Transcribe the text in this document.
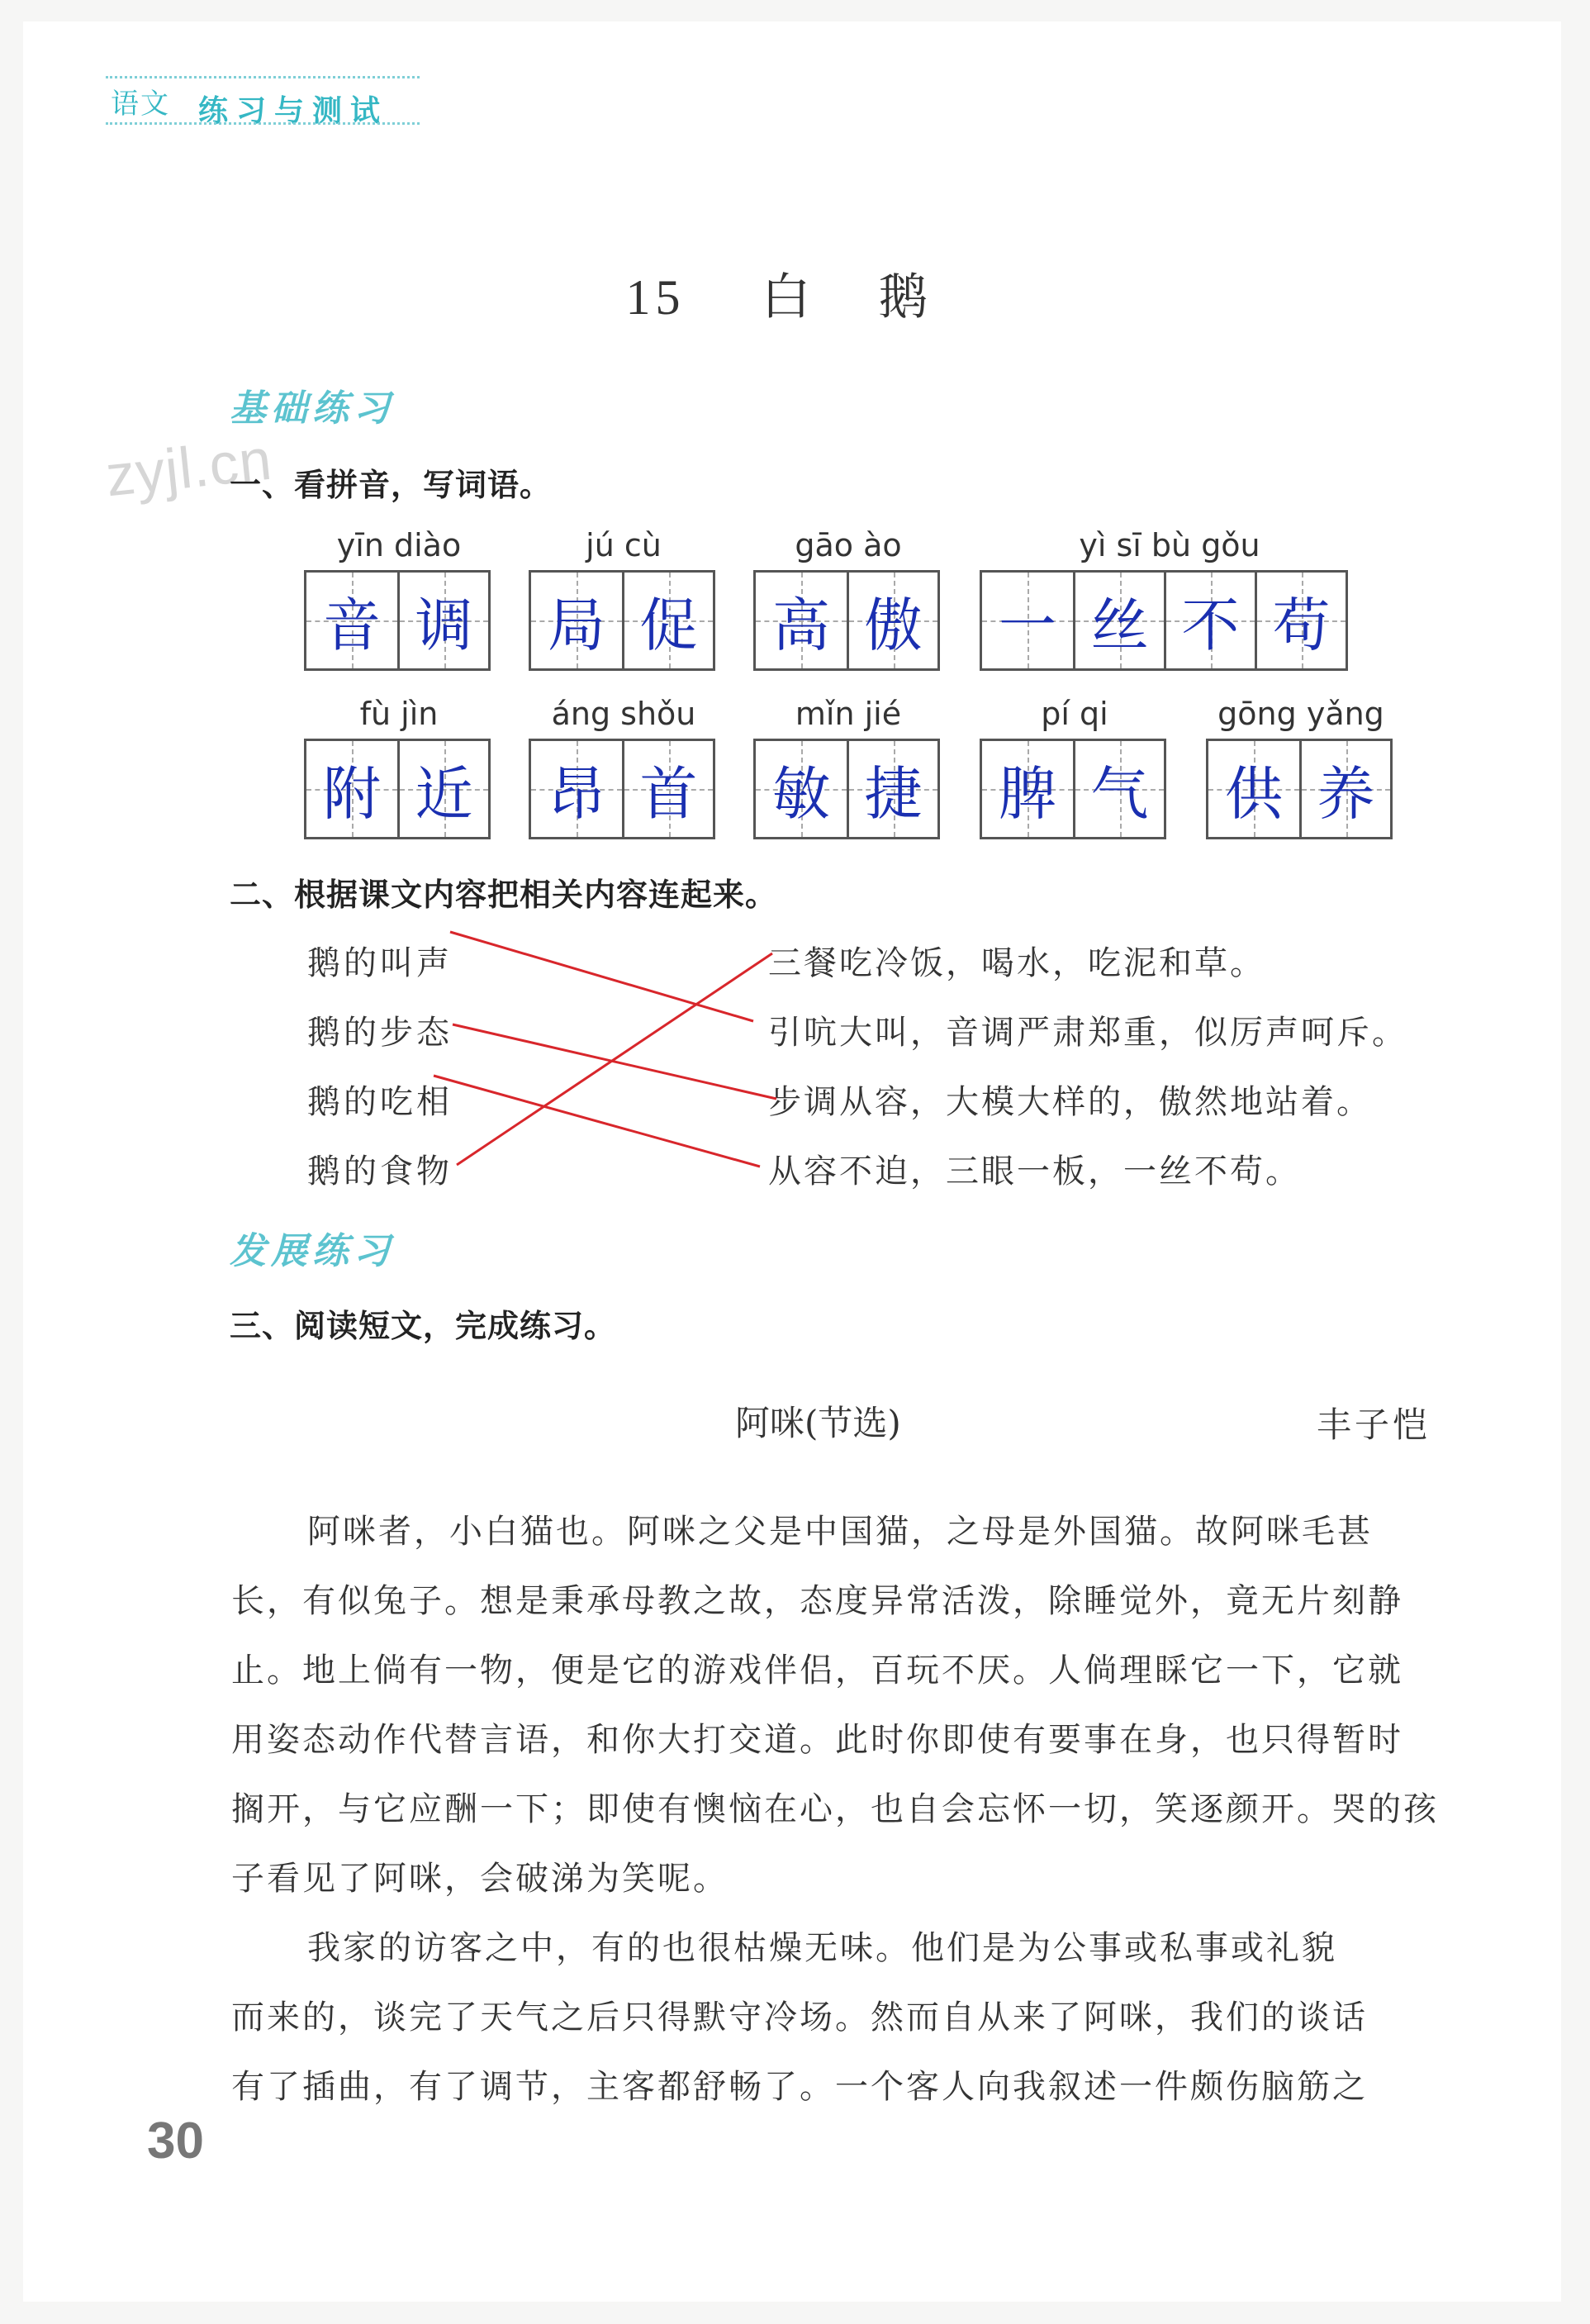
语文 练习与测试
15 白 鹅
基础练习
zyjl.cn
一、看拼音，写词语。
yīn diào
音 调
jú cù
局 促
gāo ào
高 傲
yì sī bù gǒu
一 丝 不 苟
fù jìn
附 近
áng shǒu
昂 首
mǐn jié
敏 捷
pí qi
脾 气
gōng yǎng
供 养
二、根据课文内容把相关内容连起来。
鹅的叫声
鹅的步态
鹅的吃相
鹅的食物
三餐吃冷饭，喝水，吃泥和草。
引吭大叫，音调严肃郑重，似厉声呵斥。
步调从容，大模大样的，傲然地站着。
从容不迫，三眼一板，一丝不苟。
发展练习
三、阅读短文，完成练习。
阿咪(节选)	丰子恺
阿咪者，小白猫也。阿咪之父是中国猫，之母是外国猫。故阿咪毛甚
长，有似兔子。想是秉承母教之故，态度异常活泼，除睡觉外，竟无片刻静
止。地上倘有一物，便是它的游戏伴侣，百玩不厌。人倘理睬它一下，它就
用姿态动作代替言语，和你大打交道。此时你即使有要事在身，也只得暂时
搁开，与它应酬一下；即使有懊恼在心，也自会忘怀一切，笑逐颜开。哭的孩
子看见了阿咪，会破涕为笑呢。
我家的访客之中，有的也很枯燥无味。他们是为公事或私事或礼貌
而来的，谈完了天气之后只得默守冷场。然而自从来了阿咪，我们的谈话
有了插曲，有了调节，主客都舒畅了。一个客人向我叙述一件颇伤脑筋之
30
